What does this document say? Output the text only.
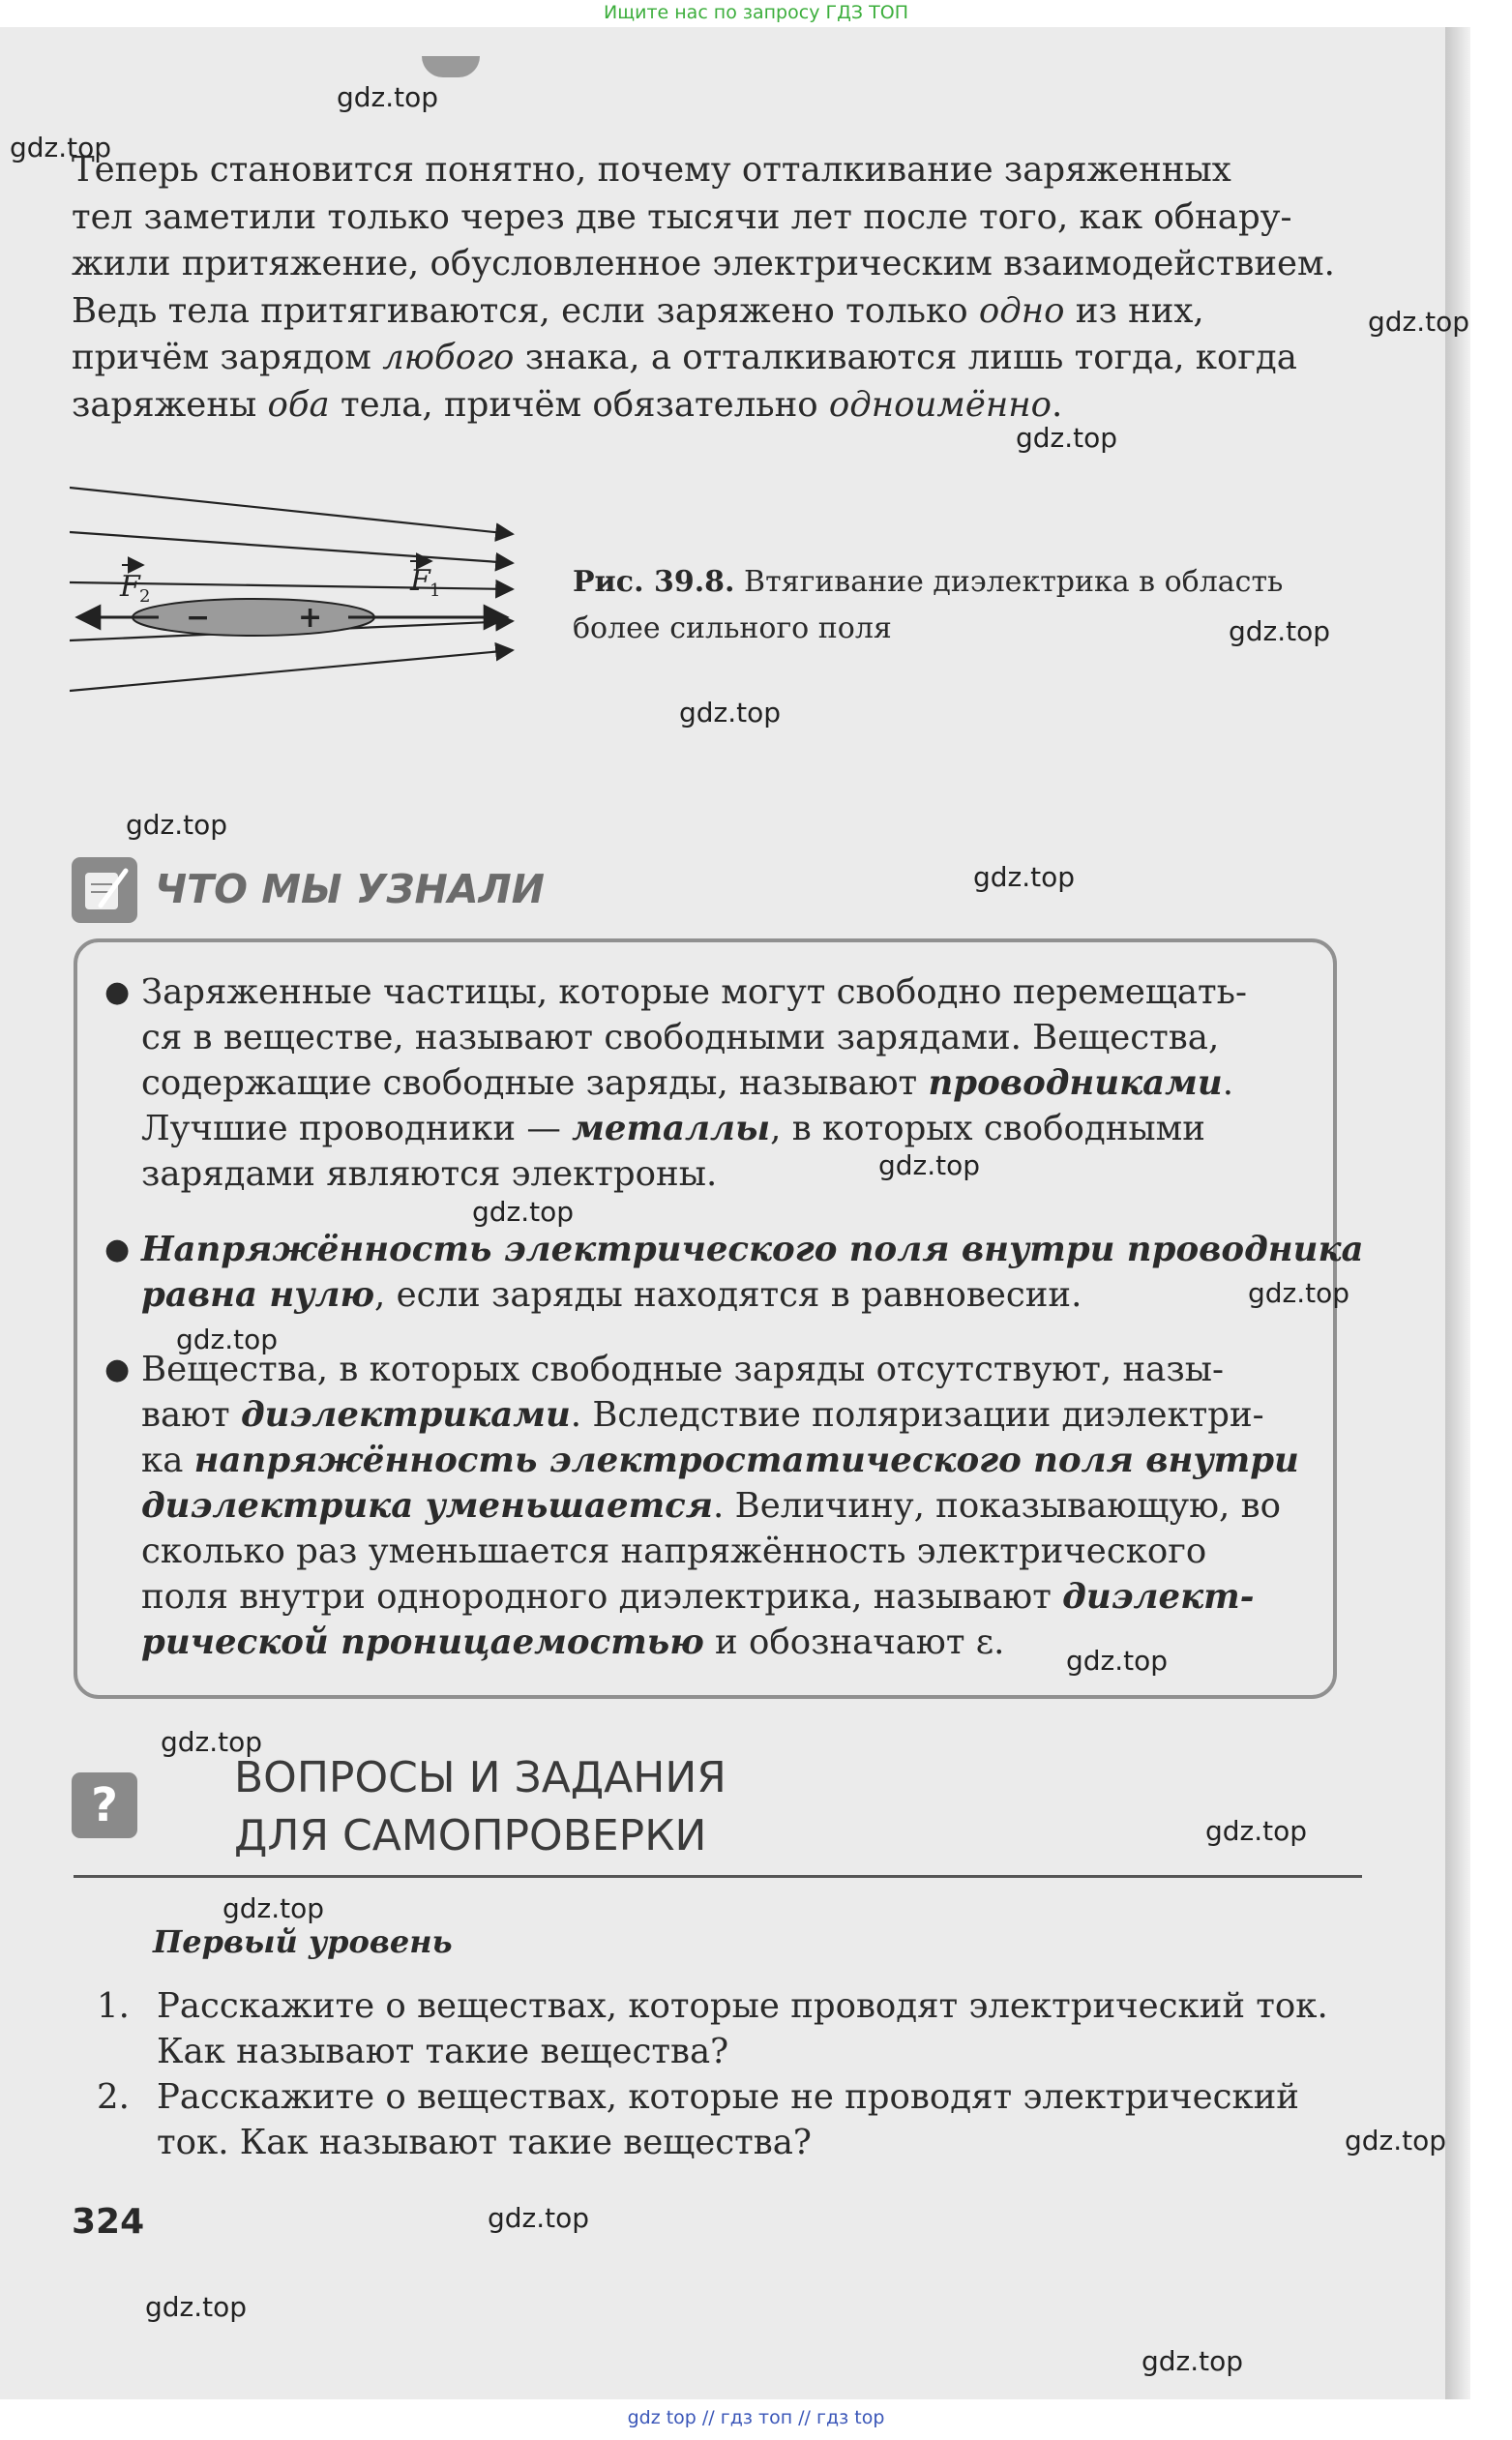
Ищите нас по запросу ГДЗ ТОП
Теперь становится понятно, почему отталкивание заряженных
тел заметили только через две тысячи лет после того, как обнару-
жили притяжение, обусловленное электрическим взаимодействием.
Ведь тела притягиваются, если заряжено только одно из них,
причём зарядом любого знака, а отталкиваются лишь тогда, когда
заряжены оба тела, причём обязательно одноимённо.
−	+
F 2	F 1	Рис. 39.8. Втягивание диэлектрика в область
более сильного поля
ЧТО МЫ УЗНАЛИ
● Заряженные частицы, которые могут свободно перемещать-
ся в веществе, называют свободными зарядами. Вещества,
содержащие свободные заряды, называют проводниками.
Лучшие проводники — металлы, в которых свободными
зарядами являются электроны.
● Напряжённость электрического поля внутри проводника
равна нулю, если заряды находятся в равновесии.
● Вещества, в которых свободные заряды отсутствуют, назы-
вают диэлектриками. Вследствие поляризации диэлектри-
ка напряжённость электростатического поля внутри
диэлектрика уменьшается. Величину, показывающую, во
сколько раз уменьшается напряжённость электрического
поля внутри однородного диэлектрика, называют диэлект-
рической проницаемостью и обозначают ε.
?
ВОПРОСЫ И ЗАДАНИЯ
ДЛЯ САМОПРОВЕРКИ
Первый уровень
1. Расскажите о веществах, которые проводят электрический ток.
Как называют такие вещества?
2. Расскажите о веществах, которые не проводят электрический
ток. Как называют такие вещества?
324
gdz.top
gdz.top
gdz.top
gdz.top
gdz.top
gdz.top
gdz.top
gdz.top
gdz.top
gdz.top
gdz.top
gdz.top
gdz.top
gdz.top
gdz.top
gdz.top
gdz.top
gdz.top
gdz.top
gdz.top
gdz top // гдз топ // гдз top
